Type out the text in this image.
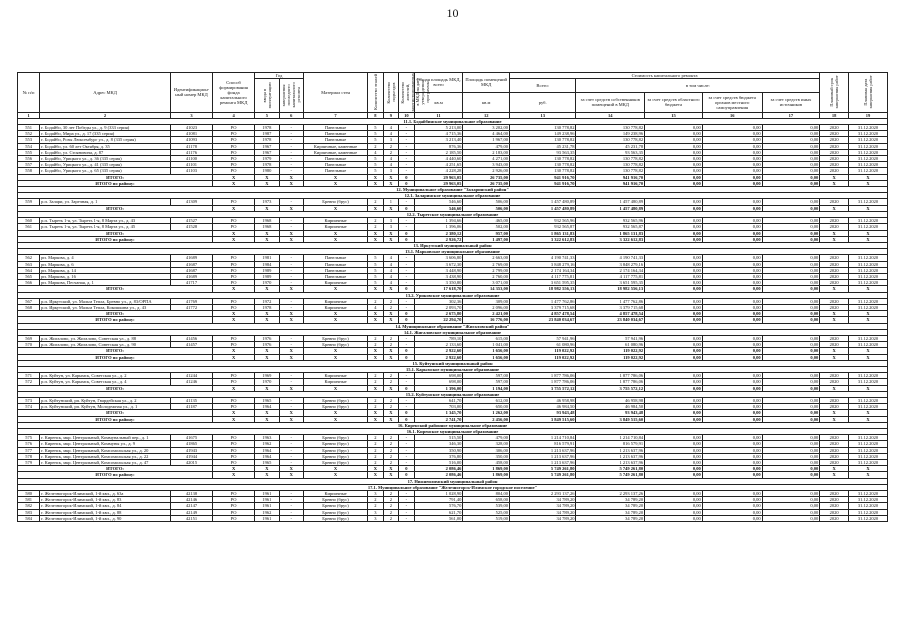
10
№ п/п	Адрес МКД	Идентификацион-ный номер МКД	Способ формирования фонда капитального ремонта МКД	Год		Материал стен	Количество этажей	Количество подъездов	Количество жителей, зарегистрированных в МКД на дату утверждения программы	Общая площадь МКД, всего	Площадь помещений МКД	Стоимость капитального ремонта					Плановый срок завершения работ	Плановая дата завершения работ

				ввода в эксплуатацию	завершения последнего капитального ремонта							Всего:	в том числе:					
										кв.м	кв.м	руб.	за счет средств собственников помещений в МКД	за счет средств областного бюджета	за счет средств бюджета органов местного самоуправления	за счет средств иных источников		
1	2	3	4	5	6	7	8	9	10	11	12	13	14	15	16	17	18	19
11.1. Бодайбинское муниципальное образование																		
551	г. Бодайбо, 30 лет Победы ул., д. 9 (333 серия)	41023	РО	1978	-	Панельные	5	4	-	5 213,00	3 202,00	130 778,82	130 778,82	0,00	0,00	0,00	2020	31.12.2020
552	г. Бодайбо, Мира ул., д. 17 (335 серия)	41081	РО	1987	-	Панельные	5	4	-	4 715,36	4 464,00	149 238,96	149 238,96	0,00	0,00	0,00	2020	31.12.2020
553	г. Бодайбо, Розы Люксембург ул., д. 8 (335 серия)	41093	РО	1978	-	Панельные	5	3	-	3 213,40	1 967,00	130 778,82	130 778,82	0,00	0,00	0,00	2020	31.12.2020
554	г. Бодайбо, ул. 60 лет Октября, д. 35	41178	РО	1967	-	Кирпичные, каменные	2	2	-	876,36	479,00	45 231,78	45 231,78	0,00	0,00	0,00	2020	31.12.2020
555	г. Бодайбо, ул. Стояновича, д. 87	41176	РО	1967	-	Кирпичные, каменные	4	2	-	2 185,50	2 183,00	93 563,35	93 563,35	0,00	0,00	0,00	2020	31.12.2020
556	г. Бодайбо, Урицкого ул., д. 36 (335 серия)	41100	РО	1979	-	Панельные	5	4	-	4 440,60	4 271,00	130 778,82	130 778,82	0,00	0,00	0,00	2020	31.12.2020
557	г. Бодайбо, Урицкого ул., д. 41 (335 серия)	41101	РО	1978	-	Панельные	5	4	-	4 251,65	3 943,00	130 778,82	130 778,82	0,00	0,00	0,00	2020	31.12.2020
558	г. Бодайбо, Урицкого ул., д. 65 (335 серия)	41103	РО	1980	-	Панельные	5	3	-	4 228,28	2 926,00	130 778,82	130 778,82	0,00	0,00	0,00	2020	31.12.2020
ИТОГО:			X	X	X	X	X	X	0	29 963,05	26 735,00	941 916,70	941 916,70	0,00	0,00	0,00	X	X
ИТОГО по району:			X	X	X	X	X	X	0	29 963,05	26 735,00	941 916,70	941 916,70	0,00	0,00	0,00	X	X
12. Муниципальное образование "Заларинский район"																		
12.1. Заларинское муниципальное образование																		
559	р.п. Залари, ул. Заречная, д. 1	41309	РО	1973	-	Бревно (брус)	2	1	-	546,60	506,00	1 457 480,89	1 457 480,89	0,00	0,00	0,00	2020	31.12.2020
ИТОГО:			X	X	X	X	X	X	0	546,60	506,00	1 457 480,89	1 457 480,89	0,00	0,00	0,00	X	X
12.2. Тыретское муниципальное образование																		
560	р.п. Тыреть 1-я, ул. Тыреть 1-я, 8 Марта ул., д. 43	41527	РО	1968	-	Кирпичные	2	3	-	1 394,66	465,00	932 565,96	932 565,96	0,00	0,00	0,00	2020	31.12.2020
561	р.п. Тыреть 1-я, ул. Тыреть 1-я, 8 Марта ул., д. 45	41528	РО	1968	-	Кирпичные	2	3	-	1 396,06	502,00	932 565,87	932 565,87	0,00	0,00	0,00	2020	31.12.2020
ИТОГО:			X	X	X	X	X	X	0	2 380,12	957,00	1 865 131,83	1 865 131,83	0,00	0,00	0,00	X	X
ИТОГО по району:			X	X	X	X	X	X	0	2 926,72	1 497,00	3 322 612,83	3 322 612,83	0,00	0,00	0,00	X	X
13. Иркутский муниципальный район																		
13.1. Марковское муниципальное образование																		
562	рп. Маркова, д. 4	41689	РО	1981	-	Панельные	5	4	-	3 606,80	2 663,00	4 190 741,33	4 190 741,33	0,00	0,00	0,00	2020	31.12.2020
563	рп. Маркова, д. 6	41687	РО	1984	-	Панельные	5	4	-	3 672,30	2 769,00	3 848 279,16	3 848 279,16	0,00	0,00	0,00	2020	31.12.2020
564	рп. Маркова, д. 14	41687	РО	1989	-	Панельные	5	4	-	3 448,90	2 799,00	2 174 164,34	2 174 164,34	0,00	0,00	0,00	2020	31.12.2020
565	рп. Маркова, д. 16	41689	РО	1989	-	Панельные	5	4	-	3 438,90	2 760,00	4 117 775,81	4 117 775,81	0,00	0,00	0,00	2020	31.12.2020
566	рп. Маркова, Песчаная, д. 1	41717	РО	1970	-	Кирпичные	5	4	-	3 350,80	3 071,00	3 651 595,35	3 651 595,35	0,00	0,00	0,00	2020	31.12.2020
ИТОГО:			X	X	X	X	X	X	0	17 618,70	14 353,00	18 982 556,13	18 982 556,13	0,00	0,00	0,00	X	X
13.2. Уриковское муниципальное образование																		
567	р.п. Иркутский, ул. Мальм Тепла, Бревно ул., д. 83/ОРПА	41769	РО	1972	-	Кирпичные	2	2	-	302,36	309,00	1 477 762,86	1 477 762,86	0,00	0,00	0,00	2020	31.12.2020
568	р.п. Иркутский, ул. Мальм Тепла, Кокошкина ул., д. 43	41772	РО	1978	-	Кирпичные	4	2	-	2 093,70	2 096,00	3 379 715,68	3 379 715,68	0,00	0,00	0,00	2020	31.12.2020
ИТОГО:			X	X	X	X	X	X	0	2 675,80	2 421,00	4 857 478,54	4 857 478,54	0,00	0,00	0,00	X	X
ИТОГО по району:			X	X	X	X	X	X	0	22 294,70	16 776,00	23 840 034,67	23 840 034,67	0,00	0,00	0,00	X	X
14. Муниципальное образование "Жигаловский район"																		
14.1. Жигаловское муниципальное образование																		
569	р.п. Жигалово, ул. Жигалово, Советская ул., д. 88	41456	РО	1976	-	Бревно (брус)	2	2	-	789,10	615,00	57 941,96	57 941,96	0,00	0,00	0,00	2020	31.12.2020
570	р.п. Жигалово, ул. Жигалово, Советская ул., д. 90	41457	РО	1976	-	Бревно (брус)	2	2	-	2 133,60	1 041,00	61 080,96	61 080,96	0,00	0,00	0,00	2020	31.12.2020
ИТОГО:			X	X	X	X	X	X	0	2 922,60	1 656,00	119 022,92	119 022,92	0,00	0,00	0,00	X	X
ИТОГО по району:			X	X	X	X	X	X	0	2 922,60	1 656,00	119 022,92	119 022,92	0,00	0,00	0,00	X	X
15. Куйтунский муниципальный район																		
15.1. Карымское муниципальное образование																		
571	р.п. Куйтун, ул. Карымск, Советская ул., д. 2	41244	РО	1969	-	Кирпичные	2	2	-	698,00	597,00	1 877 786,06	1 877 786,06	0,00	0,00	0,00	2020	31.12.2020
572	р.п. Куйтун, ул. Карымск, Советская ул., д. 4	41246	РО	1970	-	Кирпичные	2	2	-	698,00	597,00	1 877 786,06	1 877 786,06	0,00	0,00	0,00	2020	31.12.2020
ИТОГО:			X	X	X	X	X	X	0	1 396,00	1 194,00	3 755 572,12	3 755 572,12	0,00	0,00	0,00	X	X
15.2. Куйтунское муниципальное образование																		
573	р.п. Куйтунский, рп. Куйтун, Гвардейская ул., д. 2	41135	РО	1965	-	Бревно (брус)	2	2	-	641,70	612,00	46 958,98	46 958,98	0,00	0,00	0,00	2020	31.12.2020
574	р.п. Куйтунский, рп. Куйтун, Молодежная ул., д. 1	41187	РО	1964	-	Бревно (брус)	2	2	-	703,00	650,00	46 984,50	46 984,50	0,00	0,00	0,00	2020	31.12.2020
ИТОГО:			X	X	X	X	X	X	0	1 345,70	1 262,00	93 943,48	93 943,48	0,00	0,00	0,00	X	X
ИТОГО по району:			X	X	X	X	X	X	0	2 741,70	2 456,00	3 849 515,60	3 849 515,60	0,00	0,00	0,00	X	X
16. Киренский районное муниципальное образование																		
16.1. Киренское муниципальное образование																		
575	г. Киренск, мкр. Центральный, Коммунальный пер., д. 1	41675	РО	1963	-	Бревно (брус)	2	2	-	515,50	479,00	1 214 710,84	1 214 710,84	0,00	0,00	0,00	2020	31.12.2020
576	г. Киренск, мкр. Центральный, Коммуны ул., д. 9	41865	РО	1962	-	Бревно (брус)	2	2	-	346,30	328,00	816 579,91	816 579,91	0,00	0,00	0,00	2020	31.12.2020
577	г. Киренск, мкр. Центральный, Комсомольская ул., д. 20	41943	РО	1964	-	Бревно (брус)	2	2	-	350,90	306,00	1 213 637,96	1 213 637,96	0,00	0,00	0,00	2020	31.12.2020
578	г. Киренск, мкр. Центральный, Комсомольская ул., д. 22	41944	РО	1964	-	Бревно (брус)	2	2	-	376,80	350,00	1 213 637,96	1 213 637,96	0,00	0,00	0,00	2020	31.12.2020
579	г. Киренск, мкр. Центральный, Комсомольская ул., д. 47	42015	РО	1965	-	Бревно (брус)	2	2	-	516,00	458,00	1 213 637,96	1 213 637,96	0,00	0,00	0,00	2020	31.12.2020
ИТОГО:			X	X	X	X	X	X	0	2 086,46	1 869,00	5 749 261,80	5 749 261,80	0,00	0,00	0,00	X	X
ИТОГО по району:			X	X	X	X	X	X	0	2 086,46	1 869,00	5 749 261,80	5 749 261,80	0,00	0,00	0,00	X	X
17. Нижнеилимский муниципальный район																		
17.1. Муниципальное образование "Железногорск-Илимское городское поселение"																		
580	г. Железногорск-Илимский, 1-й квл., д. 63а	42138	РО	1961	-	Кирпичные	3	2	-	1 028,90	804,00	2 293 137,26	2 293 137,26	0,00	0,00	0,00	2020	31.12.2020
581	г. Железногорск-Илимский, 1-й квл., д. 83	42146	РО	1961	-	Бревно (брус)	2	2	-	791,40	658,00	34 789,20	34 789,20	0,00	0,00	0,00	2020	31.12.2020
582	г. Железногорск-Илимский, 1-й квл., д. 84	42147	РО	1961	-	Бревно (брус)	2	2	-	576,70	539,00	34 789,20	34 789,20	0,00	0,00	0,00	2020	31.12.2020
583	г. Железногорск-Илимский, 1-й квл., д. 88	42149	РО	1962	-	Бревно (брус)	3	2	-	621,70	525,00	34 789,20	34 789,20	0,00	0,00	0,00	2020	31.12.2020
584	г. Железногорск-Илимский, 1-й квл., д. 90	42151	РО	1961	-	Бревно (брус)	3	2	-	561,00	519,00	34 789,20	34 789,20	0,00	0,00	0,00	2020	31.12.2020
